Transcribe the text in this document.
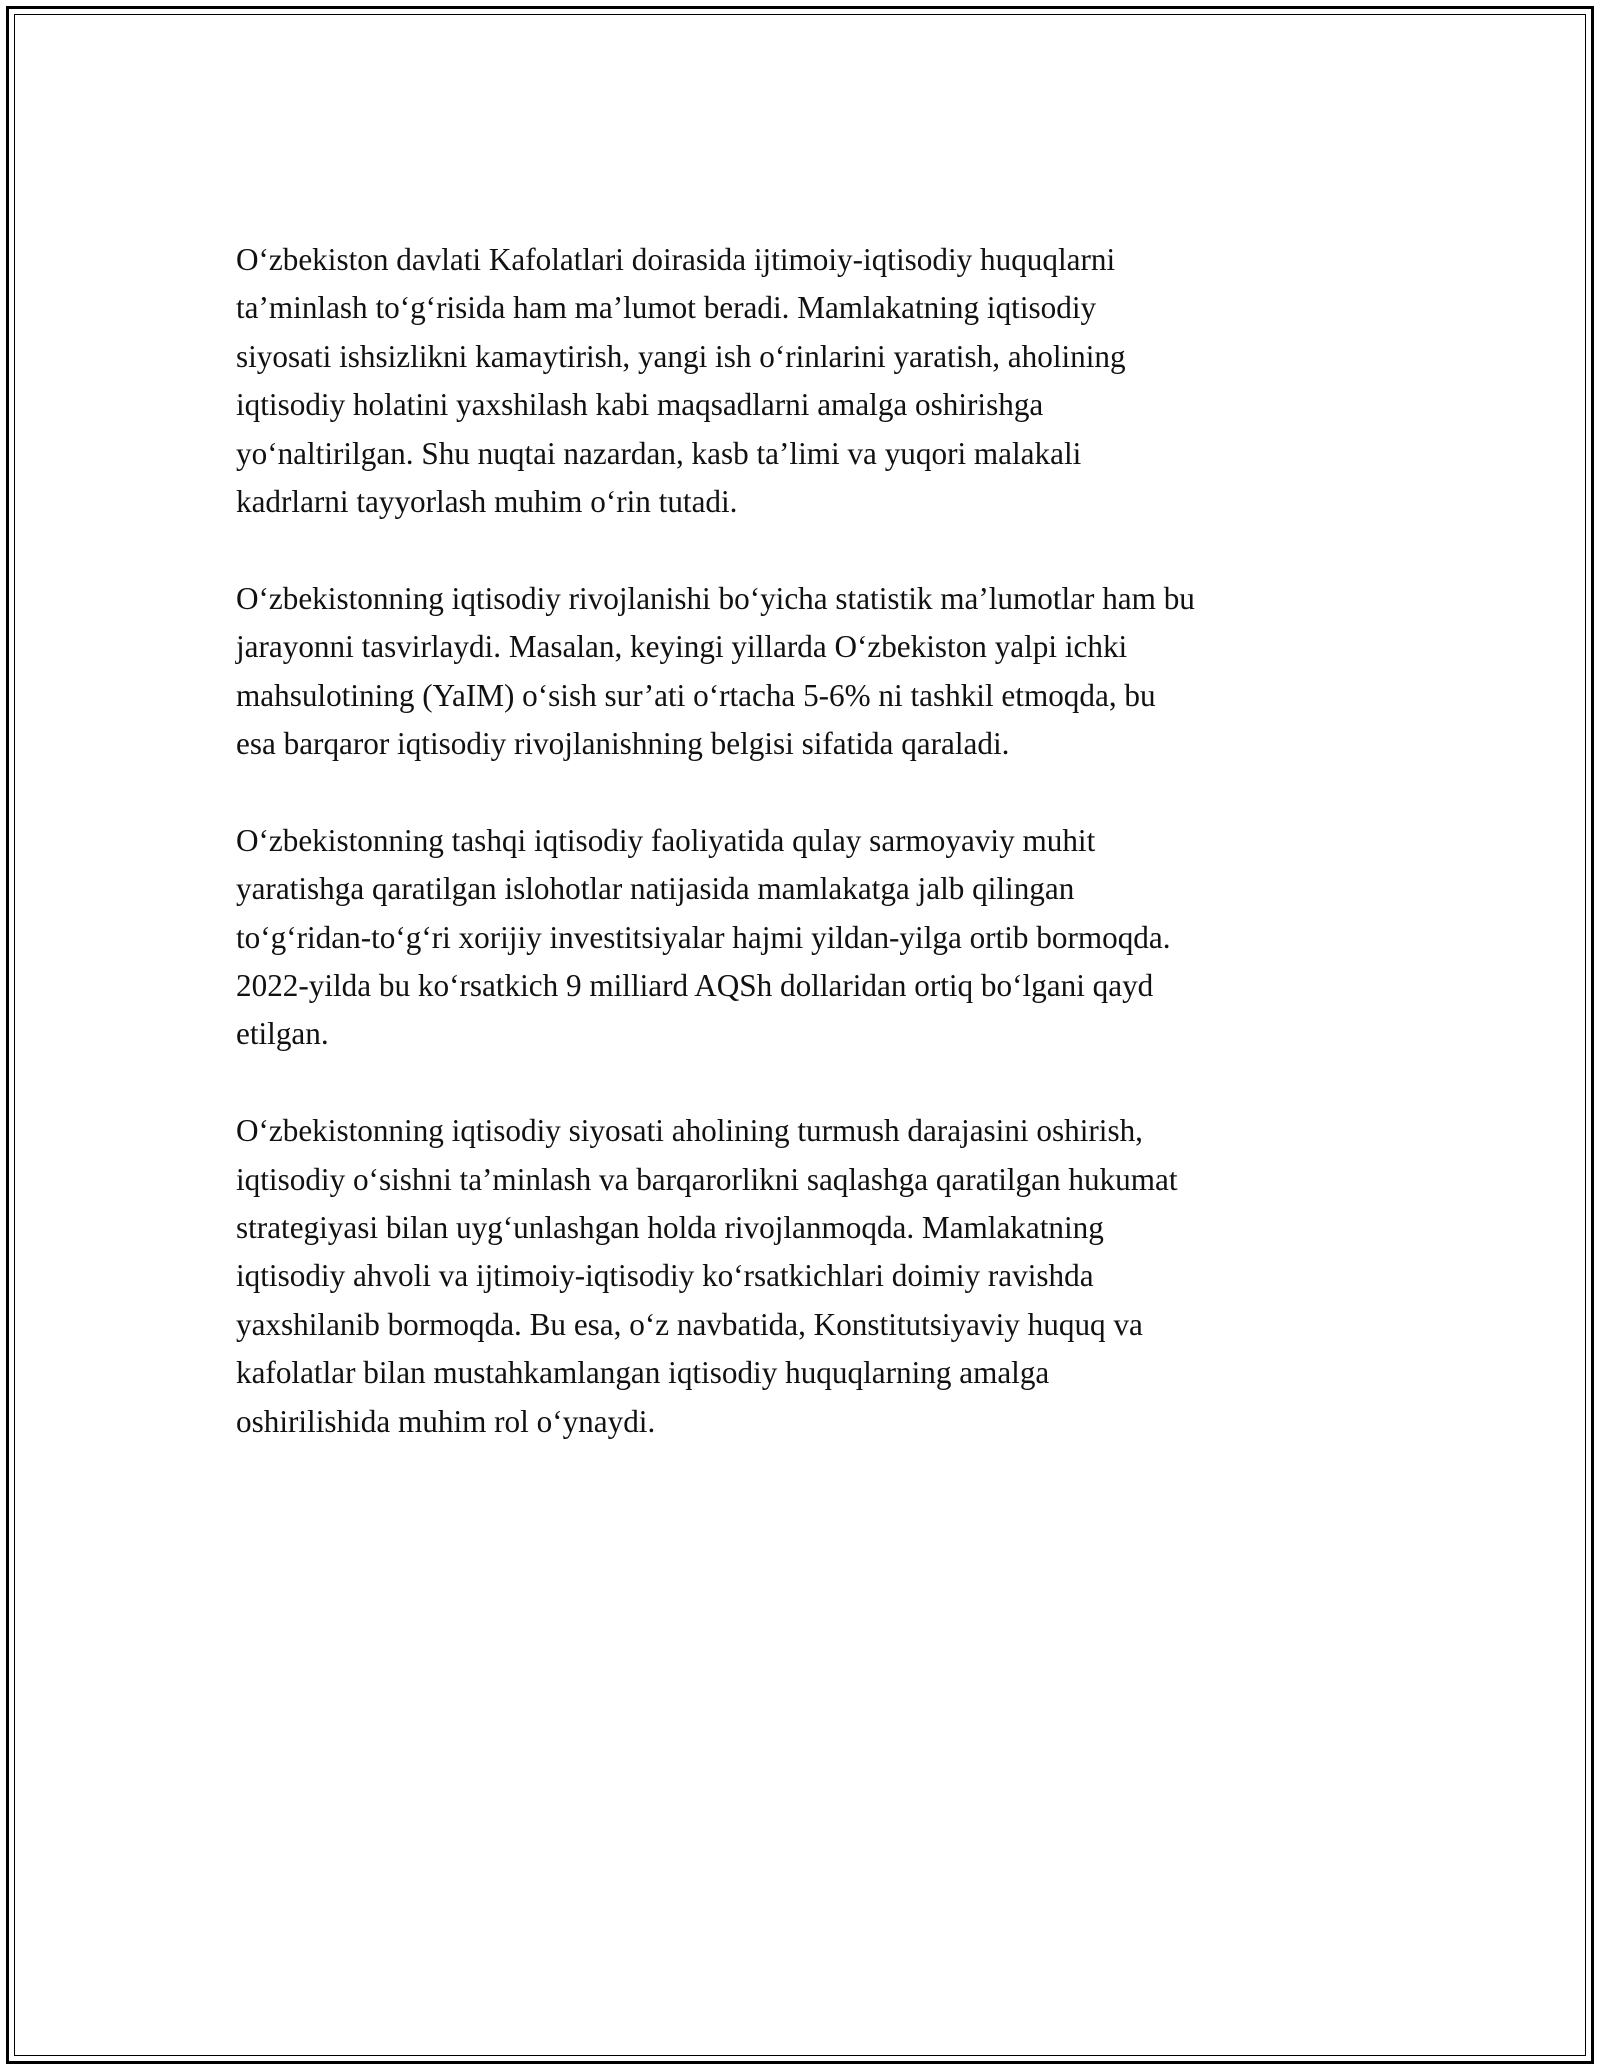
Oʻzbekiston davlati Kafolatlari doirasida ijtimoiy-iqtisodiy huquqlarni
ta’minlash toʻgʻrisida ham ma’lumot beradi. Mamlakatning iqtisodiy
siyosati ishsizlikni kamaytirish, yangi ish oʻrinlarini yaratish, aholining
iqtisodiy holatini yaxshilash kabi maqsadlarni amalga oshirishga
yoʻnaltirilgan. Shu nuqtai nazardan, kasb ta’limi va yuqori malakali
kadrlarni tayyorlash muhim oʻrin tutadi.

Oʻzbekistonning iqtisodiy rivojlanishi boʻyicha statistik ma’lumotlar ham bu
jarayonni tasvirlaydi. Masalan, keyingi yillarda Oʻzbekiston yalpi ichki
mahsulotining (YaIM) oʻsish sur’ati oʻrtacha 5-6% ni tashkil etmoqda, bu
esa barqaror iqtisodiy rivojlanishning belgisi sifatida qaraladi.

Oʻzbekistonning tashqi iqtisodiy faoliyatida qulay sarmoyaviy muhit
yaratishga qaratilgan islohotlar natijasida mamlakatga jalb qilingan
toʻgʻridan-toʻgʻri xorijiy investitsiyalar hajmi yildan-yilga ortib bormoqda.
2022-yilda bu koʻrsatkich 9 milliard AQSh dollaridan ortiq boʻlgani qayd
etilgan.

Oʻzbekistonning iqtisodiy siyosati aholining turmush darajasini oshirish,
iqtisodiy oʻsishni ta’minlash va barqarorlikni saqlashga qaratilgan hukumat
strategiyasi bilan uygʻunlashgan holda rivojlanmoqda. Mamlakatning
iqtisodiy ahvoli va ijtimoiy-iqtisodiy koʻrsatkichlari doimiy ravishda
yaxshilanib bormoqda. Bu esa, oʻz navbatida, Konstitutsiyaviy huquq va
kafolatlar bilan mustahkamlangan iqtisodiy huquqlarning amalga
oshirilishida muhim rol oʻynaydi.
